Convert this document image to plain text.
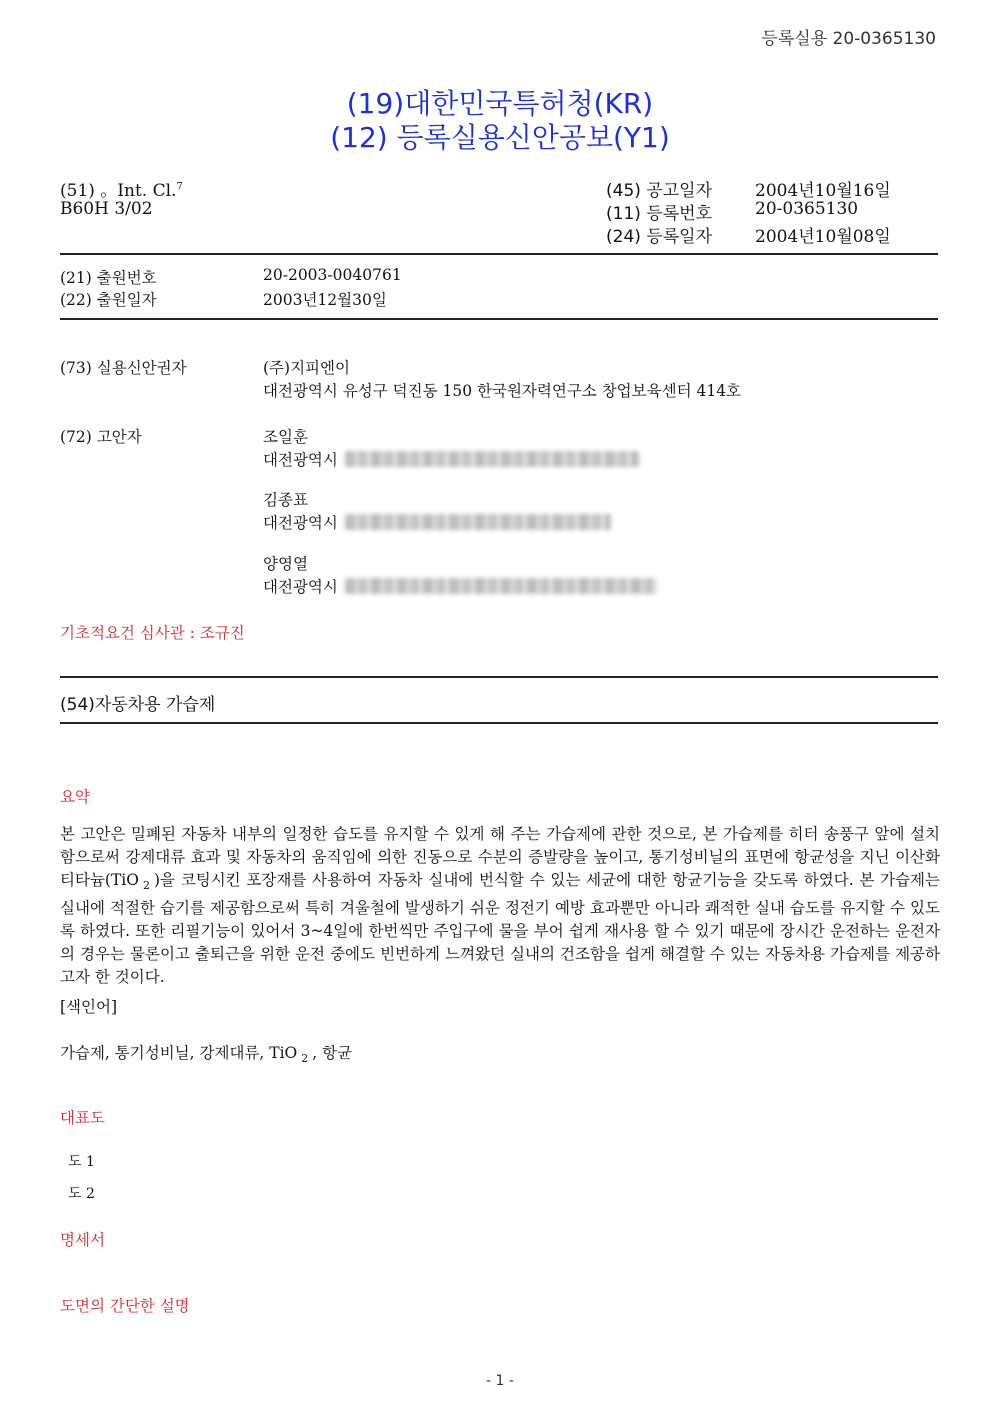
등록실용 20-0365130
(19)대한민국특허청(KR)
(12) 등록실용신안공보(Y1)
(51) 。Int. Cl.$^7$
B60H 3/02
(45) 공고일자	2004년10월16일
(11) 등록번호	20-0365130
(24) 등록일자	2004년10월08일
(21) 출원번호	20-2003-0040761
(22) 출원일자	2003년12월30일
(73) 실용신안권자	(주)지피엔이
대전광역시 유성구 덕진동 150 한국원자력연구소 창업보육센터 414호
(72) 고안자	조일훈
대전광역시
김종표
대전광역시
양영열
대전광역시
기초적요건 심사관 : 조규진
(54)자동차용 가습제
요약
본 고안은 밀폐된 자동차 내부의 일정한 습도를 유지할 수 있게 해 주는 가습제에 관한 것으로, 본 가습제를 히터 송풍구 앞에 설치함으로써 강제대류 효과 및 자동차의 움직임에 의한 진동으로 수분의 증발량을 높이고, 통기성비닐의 표면에 항균성을 지닌 이산화티타늄(TiO $_2$ )을 코팅시킨 포장재를 사용하여 자동차 실내에 번식할 수 있는 세균에 대한 항균기능을 갖도록 하였다. 본 가습제는 실내에 적절한 습기를 제공함으로써 특히 겨울철에 발생하기 쉬운 정전기 예방 효과뿐만 아니라 쾌적한 실내 습도를 유지할 수 있도록 하였다. 또한 리필기능이 있어서 3~4일에 한번씩만 주입구에 물을 부어 쉽게 재사용 할 수 있기 때문에 장시간 운전하는 운전자의 경우는 물론이고 출퇴근을 위한 운전 중에도 빈번하게 느껴왔던 실내의 건조함을 쉽게 해결할 수 있는 자동차용 가습제를 제공하고자 한 것이다.
[색인어]
가습제, 통기성비닐, 강제대류, TiO $_2$ , 항균
대표도
도 1
도 2
명세서
도면의 간단한 설명
- 1 -
